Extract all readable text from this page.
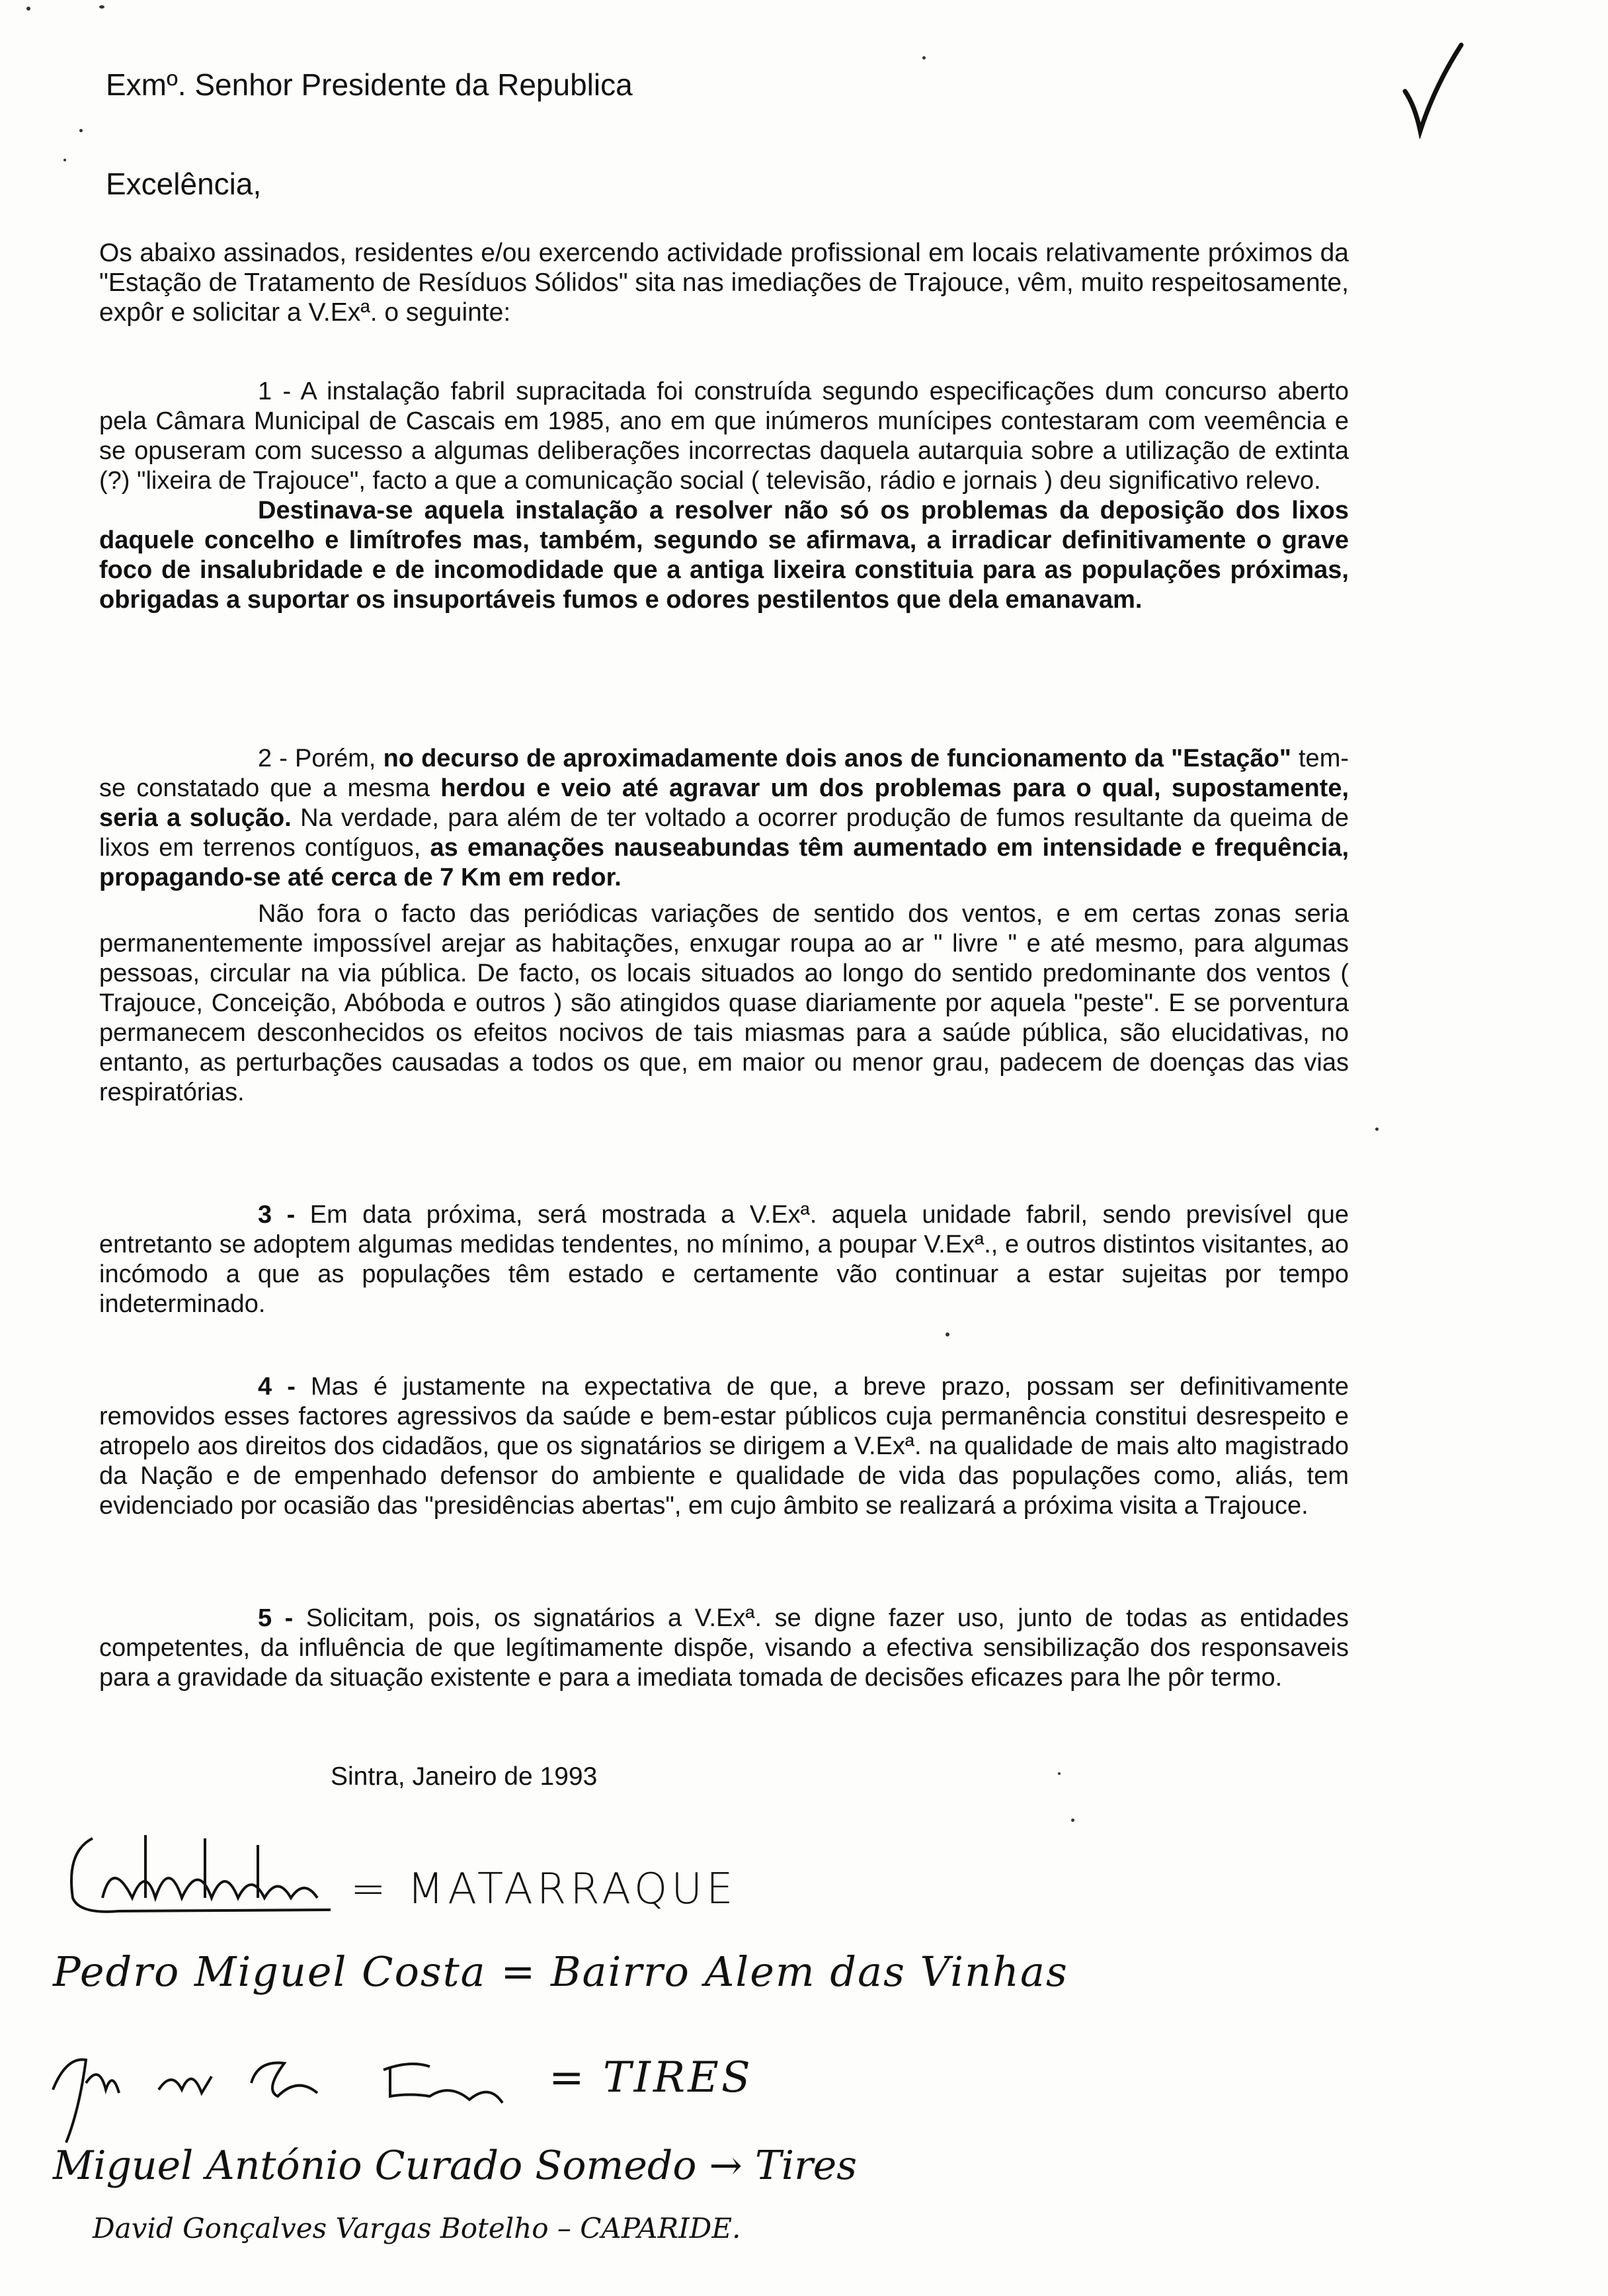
Exmº. Senhor Presidente da Republica
Excelência,

Os abaixo assinados, residentes e/ou exercendo actividade profissional em locais relativamente próximos da "Estação de Tratamento de Resíduos Sólidos" sita nas imediações de Trajouce, vêm, muito respeitosamente, expôr e solicitar a V.Exª. o seguinte:

1 - A instalação fabril supracitada foi construída segundo especificações dum concurso aberto pela Câmara Municipal de Cascais em 1985, ano em que inúmeros munícipes contestaram com veemência e se opuseram com sucesso a algumas deliberações incorrectas daquela autarquia sobre a utilização de extinta (?) "lixeira de Trajouce", facto a que a comunicação social ( televisão, rádio e jornais ) deu significativo relevo.

Destinava-se aquela instalação a resolver não só os problemas da deposição dos lixos daquele concelho e limítrofes mas, também, segundo se afirmava, a irradicar definitivamente o grave foco de insalubridade e de incomodidade que a antiga lixeira constituia para as populações próximas, obrigadas a suportar os insuportáveis fumos e odores pestilentos que dela emanavam.

2 - Porém, no decurso de aproximadamente dois anos de funcionamento da "Estação" tem-se constatado que a mesma herdou e veio até agravar um dos problemas para o qual, supostamente, seria a solução. Na verdade, para além de ter voltado a ocorrer produção de fumos resultante da queima de lixos em terrenos contíguos, as emanações nauseabundas têm aumentado em intensidade e frequência, propagando-se até cerca de 7 Km em redor.

Não fora o facto das periódicas variações de sentido dos ventos, e em certas zonas seria permanentemente impossível arejar as habitações, enxugar roupa ao ar " livre " e até mesmo, para algumas pessoas, circular na via pública. De facto, os locais situados ao longo do sentido predominante dos ventos ( Trajouce, Conceição, Abóboda e outros ) são atingidos quase diariamente por aquela "peste". E se porventura permanecem desconhecidos os efeitos nocivos de tais miasmas para a saúde pública, são elucidativas, no entanto, as perturbações causadas a todos os que, em maior ou menor grau, padecem de doenças das vias respiratórias.

3 - Em data próxima, será mostrada a V.Exª. aquela unidade fabril, sendo previsível que entretanto se adoptem algumas medidas tendentes, no mínimo, a poupar V.Exª., e outros distintos visitantes, ao incómodo a que as populações têm estado e certamente vão continuar a estar sujeitas por tempo indeterminado.

4 - Mas é justamente na expectativa de que, a breve prazo, possam ser definitivamente removidos esses factores agressivos da saúde e bem-estar públicos cuja permanência constitui desrespeito e atropelo aos direitos dos cidadãos, que os signatários se dirigem a V.Exª. na qualidade de mais alto magistrado da Nação e de empenhado defensor do ambiente e qualidade de vida das populações como, aliás, tem evidenciado por ocasião das "presidências abertas", em cujo âmbito se realizará a próxima visita a Trajouce.

5 - Solicitam, pois, os signatários a V.Exª. se digne fazer uso, junto de todas as entidades competentes, da influência de que legítimamente dispõe, visando a efectiva sensibilização dos responsaveis para a gravidade da situação existente e para a imediata tomada de decisões eficazes para lhe pôr termo.

Sintra, Janeiro de 1993
= MATARRAQUE
Pedro Miguel Costa = Bairro Alem das Vinhas
= TIRES
Miguel António Curado Somedo → Tires
David Gonçalves Vargas Botelho – CAPARIDE.
